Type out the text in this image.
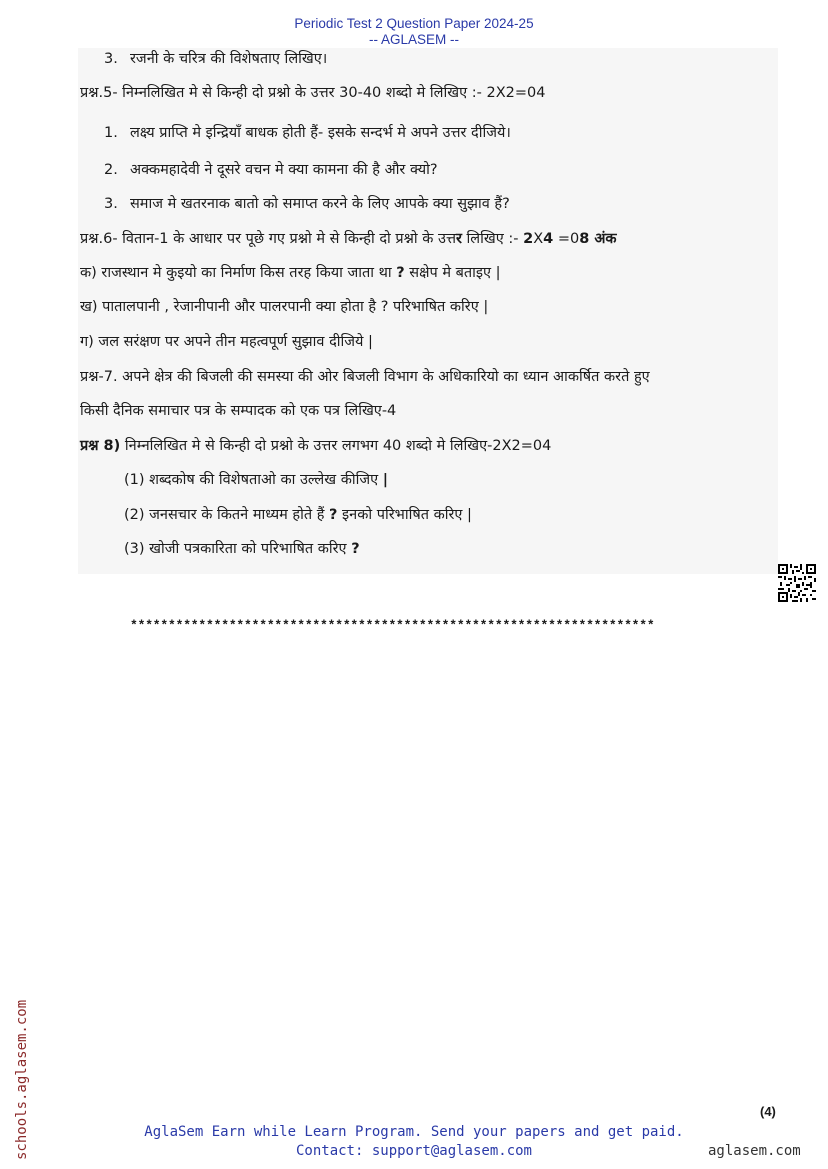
Periodic Test 2 Question Paper 2024-25
-- AGLASEM --
3. रजनी के चरित्र की विशेषताए लिखिए।
प्रश्न.5- निम्नलिखित मे से किन्ही दो प्रश्नो के उत्तर 30-40 शब्दो मे लिखिए :- 2X2=04
1. लक्ष्य प्राप्ति मे इन्द्रियाँ बाधक होती हैं- इसके सन्दर्भ मे अपने उत्तर दीजिये।
2. अक्कमहादेवी ने दूसरे वचन मे क्या कामना की है और क्यो?
3. समाज मे खतरनाक बातो को समाप्त करने के लिए आपके क्या सुझाव हैं?
प्रश्न.6- वितान-1 के आधार पर पूछे गए प्रश्नो मे से किन्ही दो प्रश्नो के उत्तर लिखिए :- 2X4 =08 अंक
क) राजस्थान मे कुइयो का निर्माण किस तरह किया जाता था ? सक्षेप मे बताइए |
ख) पातालपानी , रेजानीपानी और पालरपानी क्या होता है ? परिभाषित करिए |
ग) जल सरंक्षण पर अपने तीन महत्वपूर्ण सुझाव दीजिये |
प्रश्न-7. अपने क्षेत्र की बिजली की समस्या की ओर बिजली विभाग के अधिकारियो का ध्यान आकर्षित करते हुए
किसी दैनिक समाचार पत्र के सम्पादक को एक पत्र लिखिए-4
प्रश्न 8) निम्नलिखित मे से किन्ही दो प्रश्नो के उत्तर लगभग 40 शब्दो मे लिखिए-2X2=04
(1) शब्दकोष की विशेषताओ का उल्लेख कीजिए |
(2) जनसचार के कितने माध्यम होते हैं ? इनको परिभाषित करिए |
(3) खोजी पत्रकारिता को परिभाषित करिए ?
*********************************************************************
(4)
AglaSem Earn while Learn Program. Send your papers and get paid.
Contact: support@aglasem.com	aglasem.com
schools.aglasem.com
